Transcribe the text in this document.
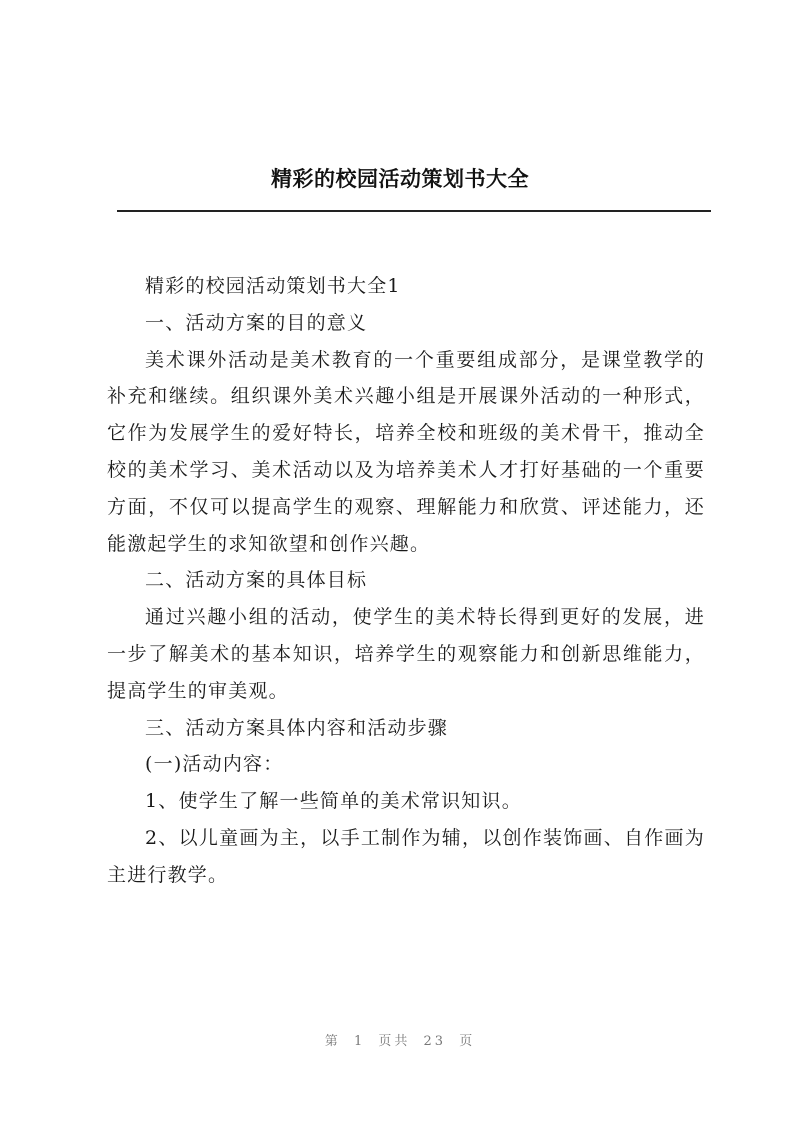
精彩的校园活动策划书大全

精彩的校园活动策划书大全1

一、活动方案的目的意义

美术课外活动是美术教育的一个重要组成部分，是课堂教学的补充和继续。组织课外美术兴趣小组是开展课外活动的一种形式，它作为发展学生的爱好特长，培养全校和班级的美术骨干，推动全校的美术学习、美术活动以及为培养美术人才打好基础的一个重要方面，不仅可以提高学生的观察、理解能力和欣赏、评述能力，还能激起学生的求知欲望和创作兴趣。

二、活动方案的具体目标

通过兴趣小组的活动，使学生的美术特长得到更好的发展，进一步了解美术的基本知识，培养学生的观察能力和创新思维能力，提高学生的审美观。

三、活动方案具体内容和活动步骤

(一)活动内容：

1、使学生了解一些简单的美术常识知识。

2、以儿童画为主，以手工制作为辅，以创作装饰画、自作画为主进行教学。

第 1 页共 23 页
